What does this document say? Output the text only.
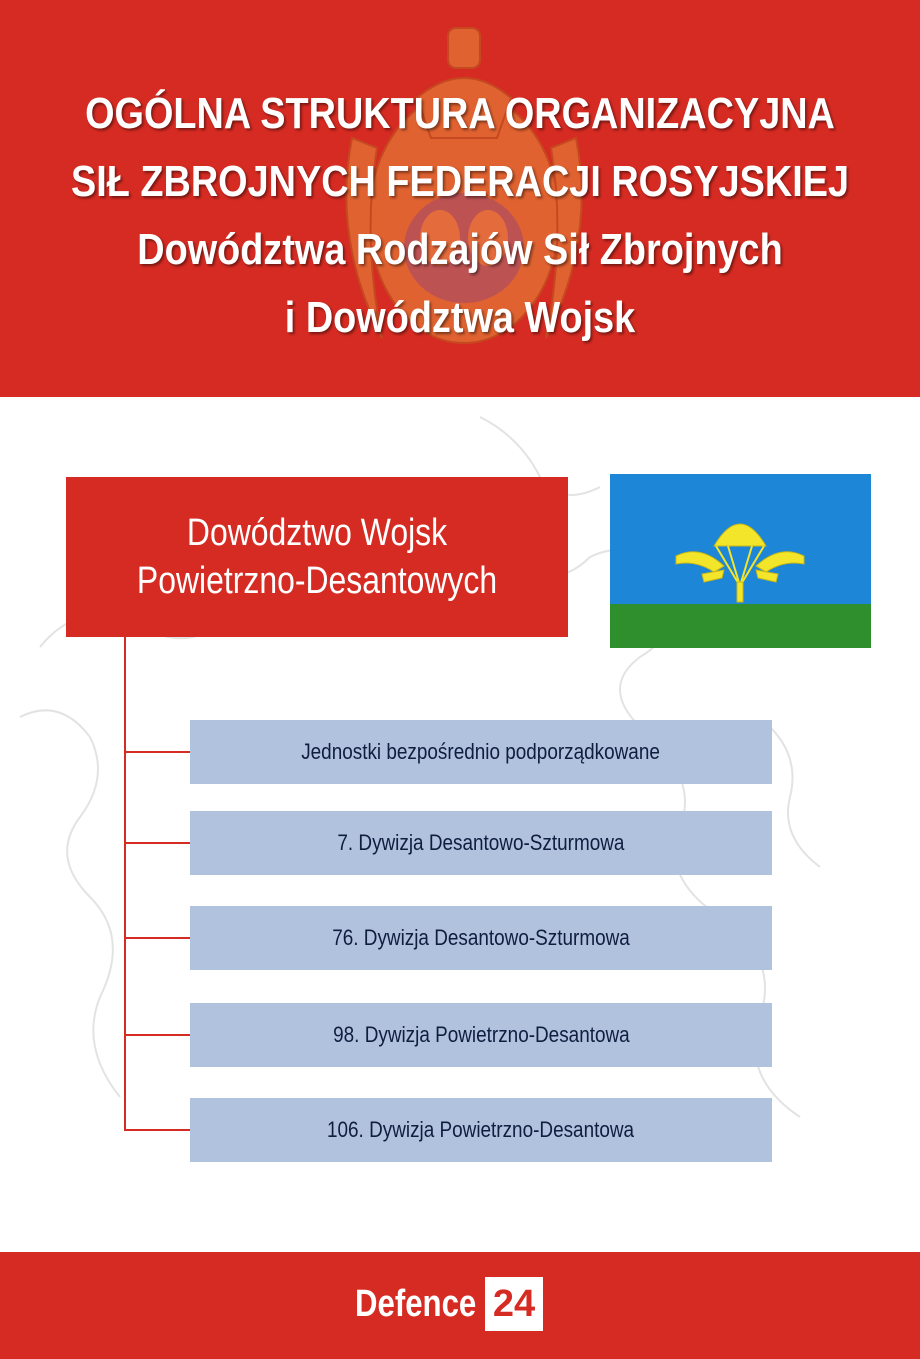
OGÓLNA STRUKTURA ORGANIZACYJNA
SIŁ ZBROJNYCH FEDERACJI ROSYJSKIEJ
Dowództwa Rodzajów Sił Zbrojnych
i Dowództwa Wojsk
Dowództwo Wojsk
Powietrzno-Desantowych
Jednostki bezpośrednio podporządkowane
7. Dywizja Desantowo-Szturmowa
76. Dywizja Desantowo-Szturmowa
98. Dywizja Powietrzno-Desantowa
106. Dywizja Powietrzno-Desantowa
Defence 24
